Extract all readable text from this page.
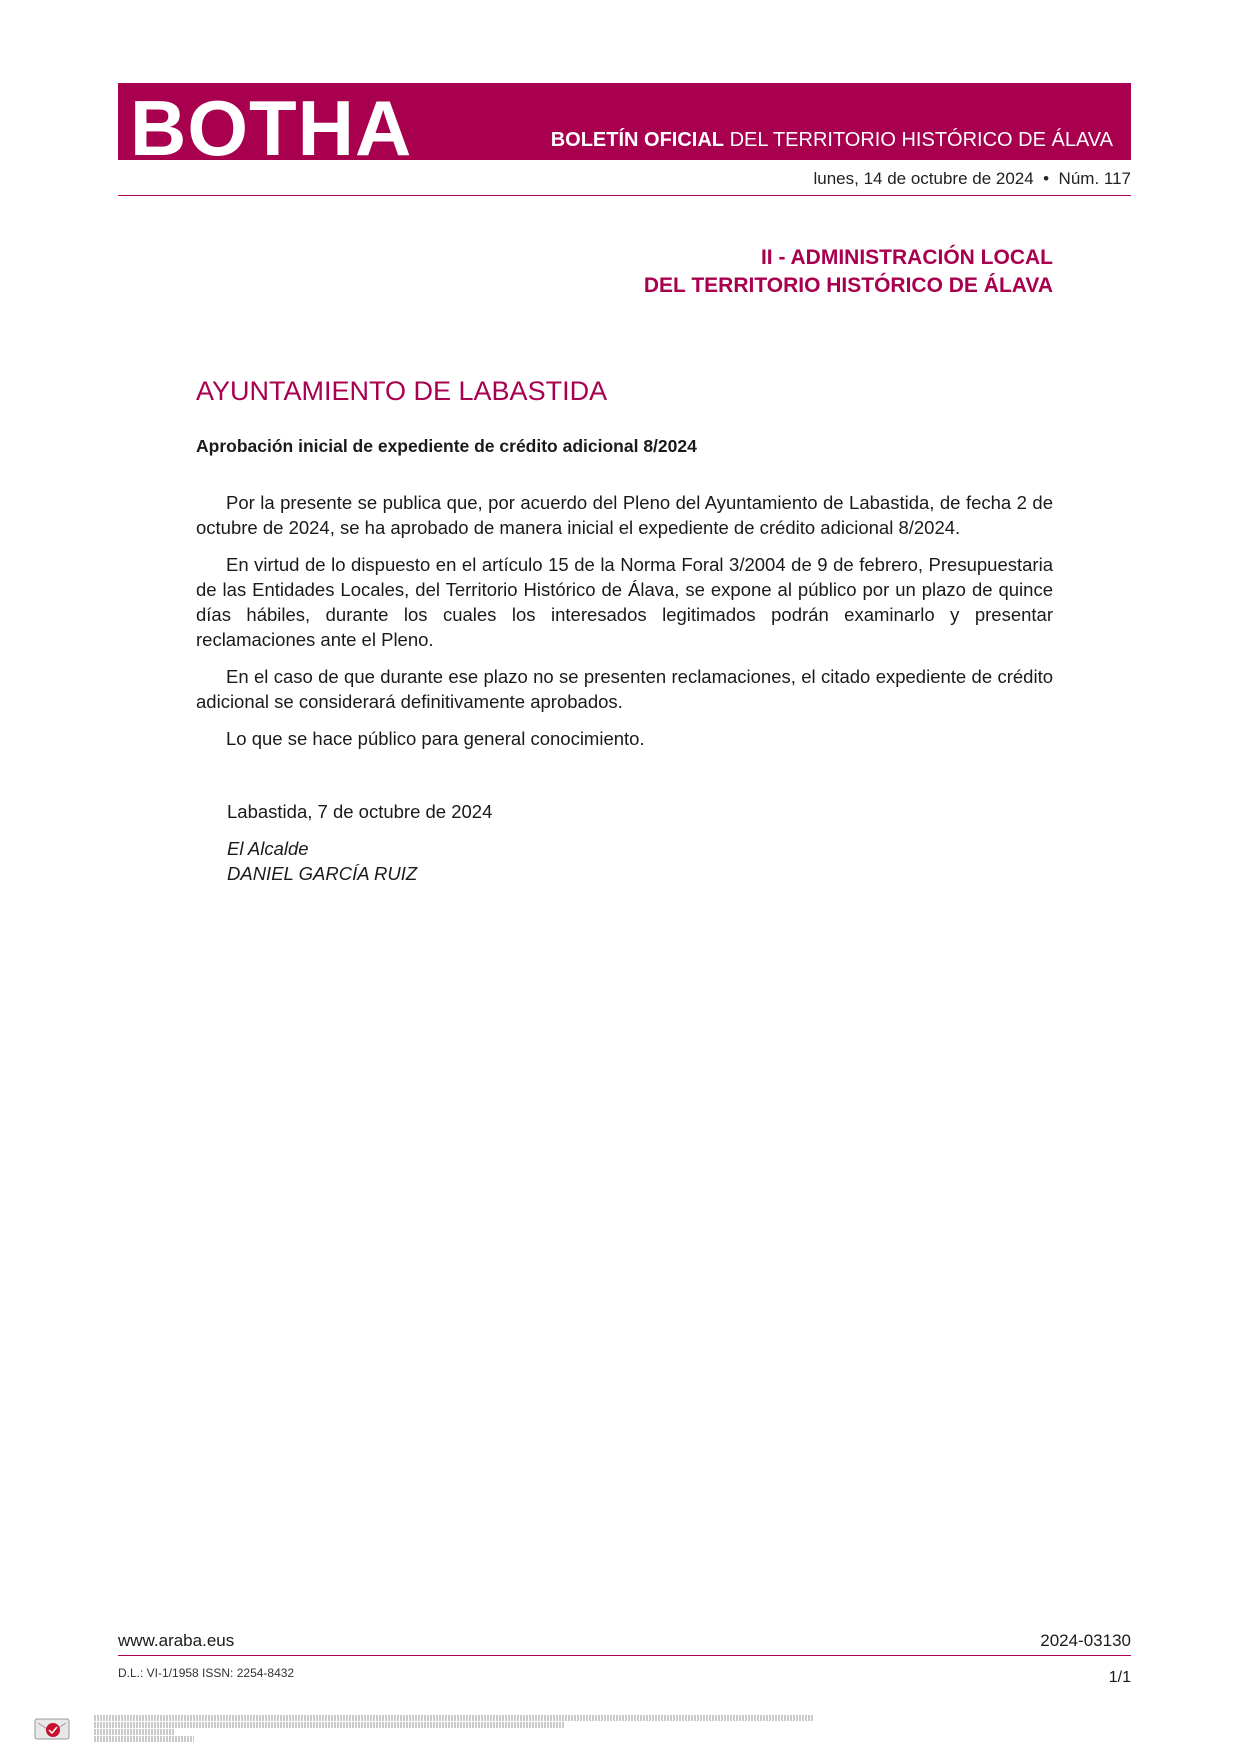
BOTHA	BOLETÍN OFICIAL DEL TERRITORIO HISTÓRICO DE ÁLAVA
lunes, 14 de octubre de 2024  •  Núm. 117
II - ADMINISTRACIÓN LOCAL
DEL TERRITORIO HISTÓRICO DE ÁLAVA
AYUNTAMIENTO DE LABASTIDA
Aprobación inicial de expediente de crédito adicional 8/2024

Por la presente se publica que, por acuerdo del Pleno del Ayuntamiento de Labastida, de fecha 2 de octubre de 2024, se ha aprobado de manera inicial el expediente de crédito adicional 8/2024.

En virtud de lo dispuesto en el artículo 15 de la Norma Foral 3/2004 de 9 de febrero, Presupuestaria de las Entidades Locales, del Territorio Histórico de Álava, se expone al público por un plazo de quince días hábiles, durante los cuales los interesados legitimados podrán examinarlo y presentar reclamaciones ante el Pleno.

En el caso de que durante ese plazo no se presenten reclamaciones, el citado expediente de crédito adicional se considerará definitivamente aprobados.

Lo que se hace público para general conocimiento.

Labastida, 7 de octubre de 2024
El Alcalde
DANIEL GARCÍA RUIZ
www.araba.eus	2024-03130
D.L.: VI-1/1958 ISSN: 2254-8432	1/1
